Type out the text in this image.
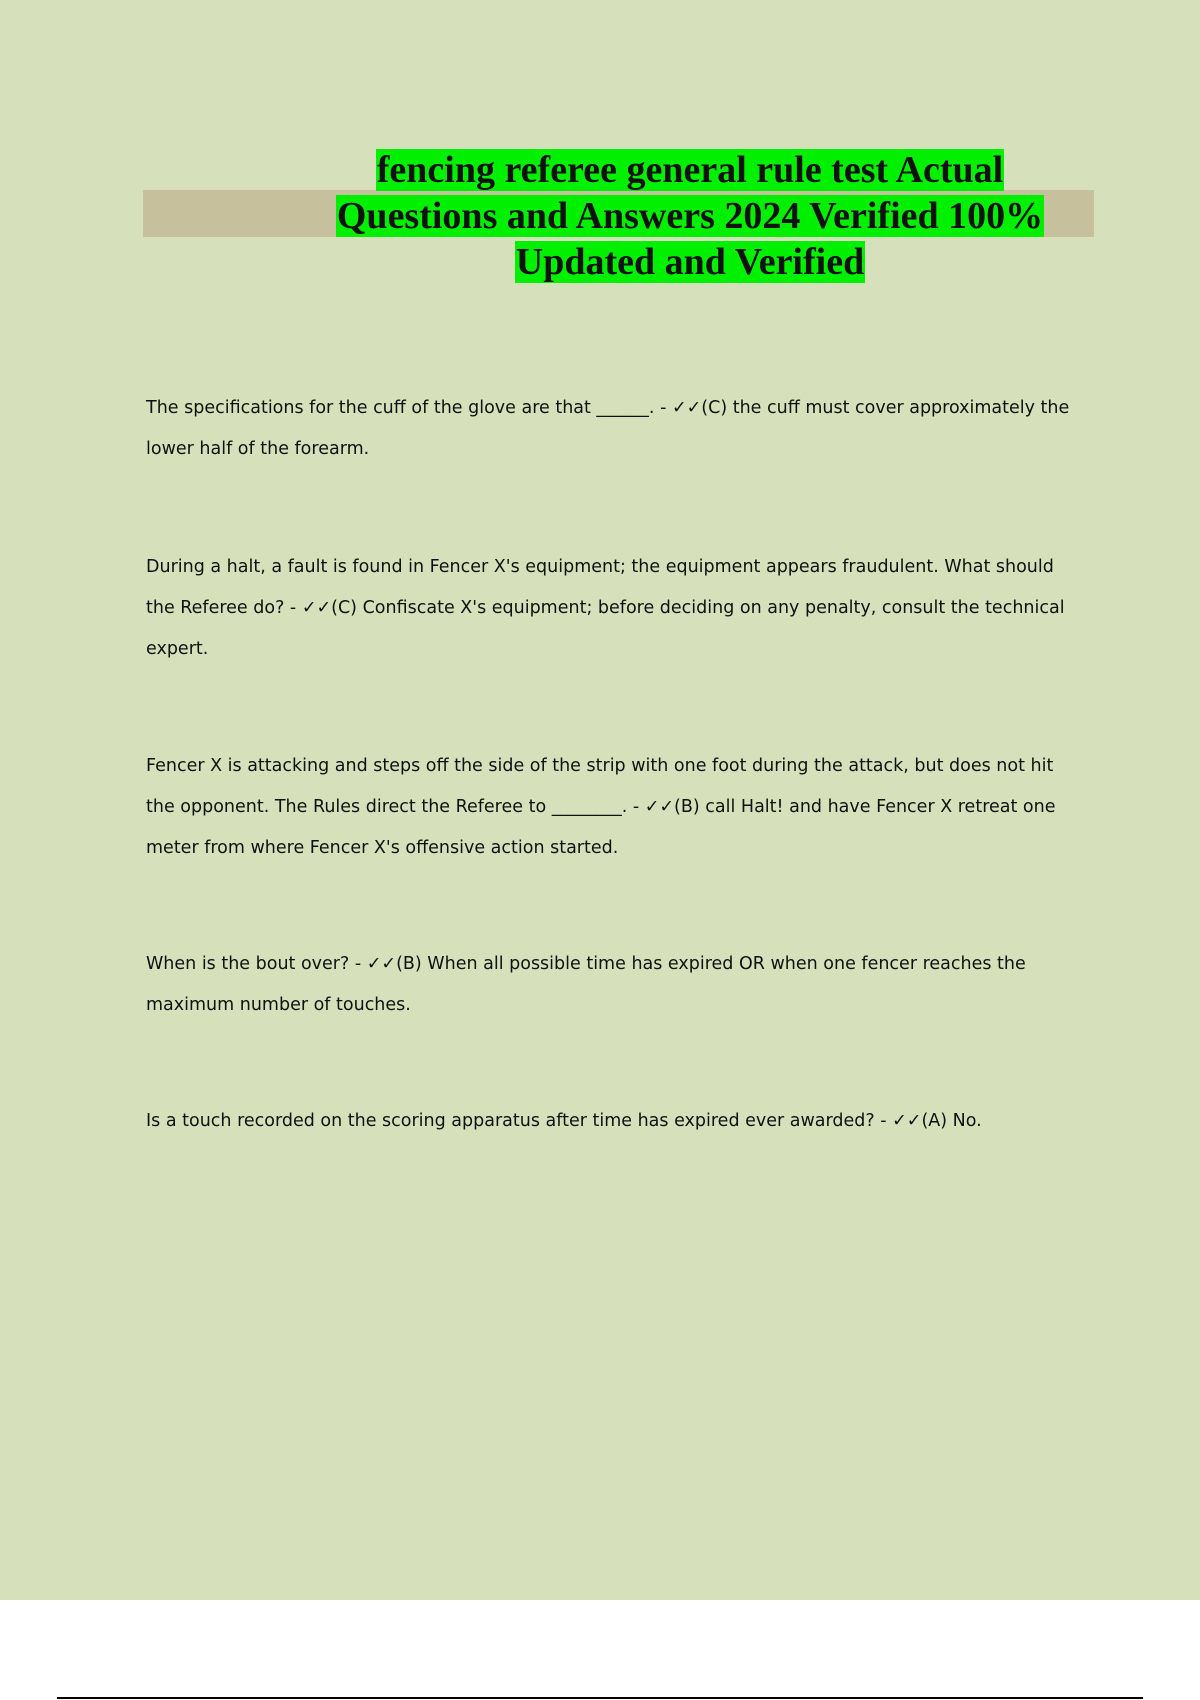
fencing referee general rule test Actual Questions and Answers 2024 Verified 100% Updated and Verified

The specifications for the cuff of the glove are that ______. - ✓✓(C) the cuff must cover approximately the lower half of the forearm.

During a halt, a fault is found in Fencer X's equipment; the equipment appears fraudulent. What should the Referee do? - ✓✓(C) Confiscate X's equipment; before deciding on any penalty, consult the technical expert.

Fencer X is attacking and steps off the side of the strip with one foot during the attack, but does not hit the opponent. The Rules direct the Referee to ________. - ✓✓(B) call Halt! and have Fencer X retreat one meter from where Fencer X's offensive action started.

When is the bout over? - ✓✓(B) When all possible time has expired OR when one fencer reaches the maximum number of touches.

Is a touch recorded on the scoring apparatus after time has expired ever awarded? - ✓✓(A) No.
